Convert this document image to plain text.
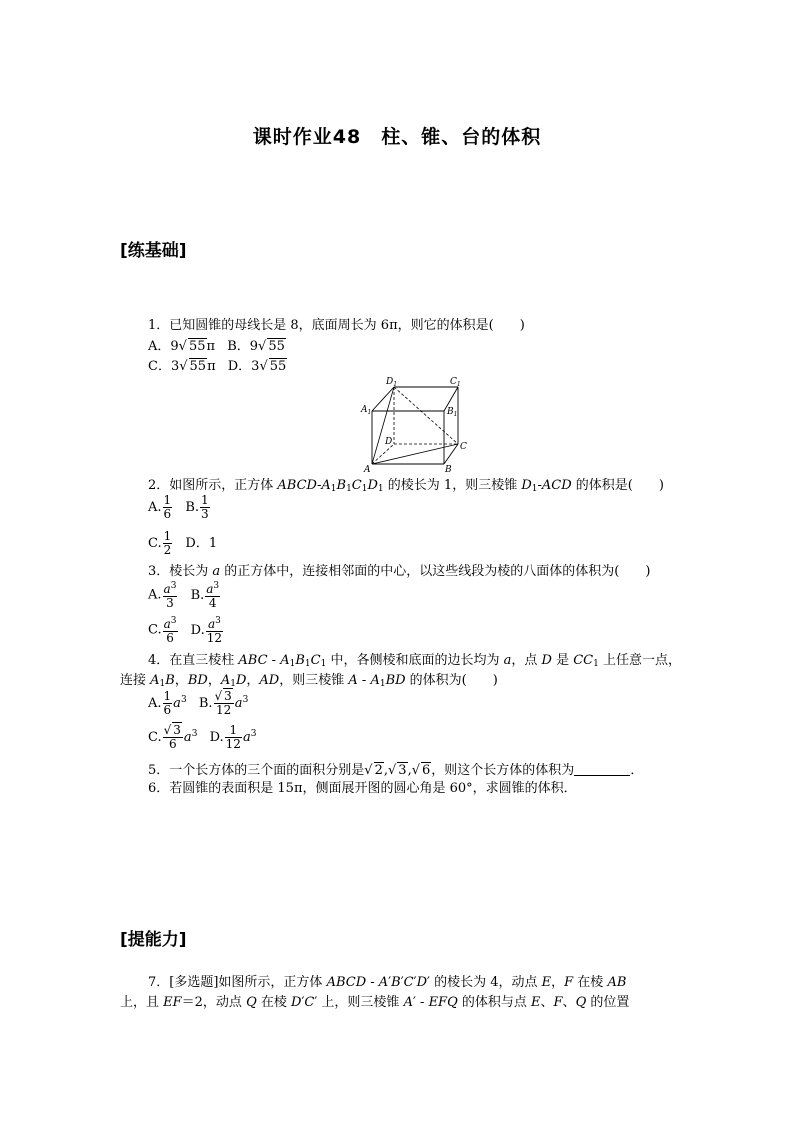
课时作业48　柱、锥、台的体积
[练基础]
1．已知圆锥的母线长是 8，底面周长为 6π，则它的体积是(　　)
A．9√ 55π B．9√ 55
C．3√ 55π D．3√ 55
$D_1$	$C_1$
$A_1$	$B_1$
D
A	B
C
2．如图所示，正方体 ABCD-$A_1B_1C_1D_1$ 的棱长为 1，则三棱锥 $D_1$-ACD 的体积是(　　)
A. $\frac{1}{6} B$. $\frac{1}{3}$
C. $\frac{1}{2}$ D．1
3．棱长为 a 的正方体中，连接相邻面的中心，以这些线段为棱的八面体的体积为(　　)
A. $\frac{a^3}{3} B$. $\frac{a^3}{4}$
C. $\frac{a^3}{6} D$. $\frac{a^3}{12}$
4．在直三棱柱 ABC - $A_1B_1C_1$ 中，各侧棱和底面的边长均为 a，点 D 是 $CC_1$ 上任意一点，
连接 $A_1B$，BD，$A_1D$，AD，则三棱锥 A - $A_1BD$ 的体积为(　　)
A. $\frac{1}{6} a^3$ B. $\frac{√ 3}{12} a^3$
C. $\frac{√ 3}{6} a^3$ D. $\frac{1}{12} a^3$
5．一个长方体的三个面的面积分别是√ 2,√ 3,√ 6，则这个长方体的体积为	．
6．若圆锥的表面积是 15π，侧面展开图的圆心角是 60°，求圆锥的体积．
[提能力]
7．[多选题]如图所示，正方体 ABCD - A′B′C′D′ 的棱长为 4，动点 E，F 在棱 AB
上，且 EF＝2，动点 Q 在棱 D′C′ 上，则三棱锥 A′ - EFQ 的体积与点 E、F、Q 的位置
